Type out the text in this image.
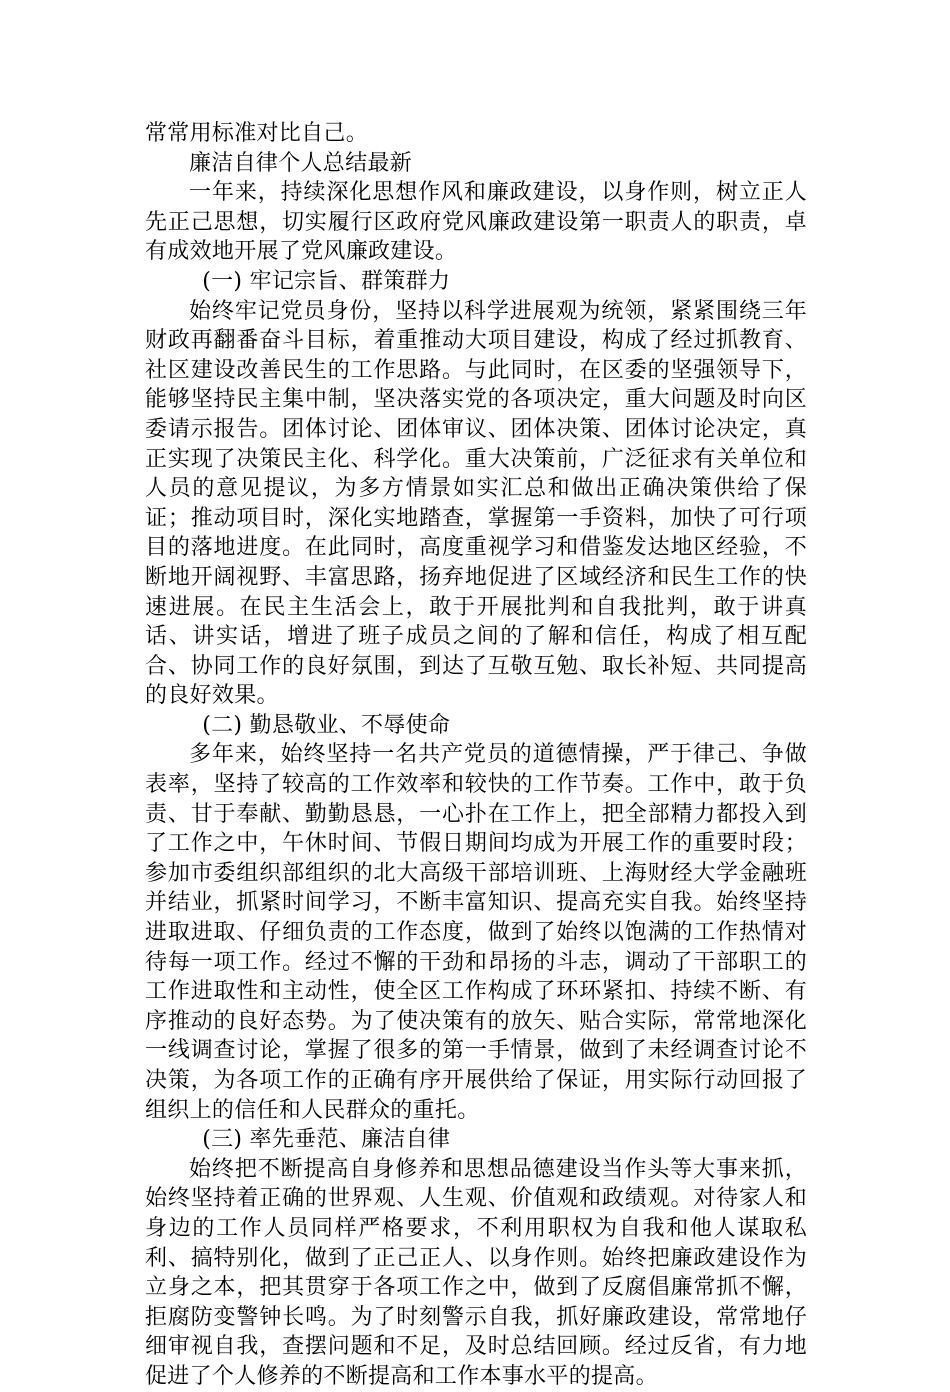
常常用标准对比自己。

廉洁自律个人总结最新

一年来，持续深化思想作风和廉政建设，以身作则，树立正人先正己思想，切实履行区政府党风廉政建设第一职责人的职责，卓有成效地开展了党风廉政建设。

(一) 牢记宗旨、群策群力

始终牢记党员身份，坚持以科学进展观为统领，紧紧围绕三年财政再翻番奋斗目标，着重推动大项目建设，构成了经过抓教育、社区建设改善民生的工作思路。与此同时，在区委的坚强领导下，能够坚持民主集中制，坚决落实党的各项决定，重大问题及时向区委请示报告。团体讨论、团体审议、团体决策、团体讨论决定，真正实现了决策民主化、科学化。重大决策前，广泛征求有关单位和人员的意见提议，为多方情景如实汇总和做出正确决策供给了保证；推动项目时，深化实地踏查，掌握第一手资料，加快了可行项目的落地进度。在此同时，高度重视学习和借鉴发达地区经验，不断地开阔视野、丰富思路，扬弃地促进了区域经济和民生工作的快速进展。在民主生活会上，敢于开展批判和自我批判，敢于讲真话、讲实话，增进了班子成员之间的了解和信任，构成了相互配合、协同工作的良好氛围，到达了互敬互勉、取长补短、共同提高的良好效果。

(二) 勤恳敬业、不辱使命

多年来，始终坚持一名共产党员的道德情操，严于律己、争做表率，坚持了较高的工作效率和较快的工作节奏。工作中，敢于负责、甘于奉献、勤勤恳恳，一心扑在工作上，把全部精力都投入到了工作之中，午休时间、节假日期间均成为开展工作的重要时段；参加市委组织部组织的北大高级干部培训班、上海财经大学金融班并结业，抓紧时间学习，不断丰富知识、提高充实自我。始终坚持进取进取、仔细负责的工作态度，做到了始终以饱满的工作热情对待每一项工作。经过不懈的干劲和昂扬的斗志，调动了干部职工的工作进取性和主动性，使全区工作构成了环环紧扣、持续不断、有序推动的良好态势。为了使决策有的放矢、贴合实际，常常地深化一线调查讨论，掌握了很多的第一手情景，做到了未经调查讨论不决策，为各项工作的正确有序开展供给了保证，用实际行动回报了组织上的信任和人民群众的重托。

(三) 率先垂范、廉洁自律

始终把不断提高自身修养和思想品德建设当作头等大事来抓，始终坚持着正确的世界观、人生观、价值观和政绩观。对待家人和身边的工作人员同样严格要求，不利用职权为自我和他人谋取私利、搞特别化，做到了正己正人、以身作则。始终把廉政建设作为立身之本，把其贯穿于各项工作之中，做到了反腐倡廉常抓不懈，拒腐防变警钟长鸣。为了时刻警示自我，抓好廉政建设，常常地仔细审视自我，查摆问题和不足，及时总结回顾。经过反省，有力地促进了个人修养的不断提高和工作本事水平的提高。
